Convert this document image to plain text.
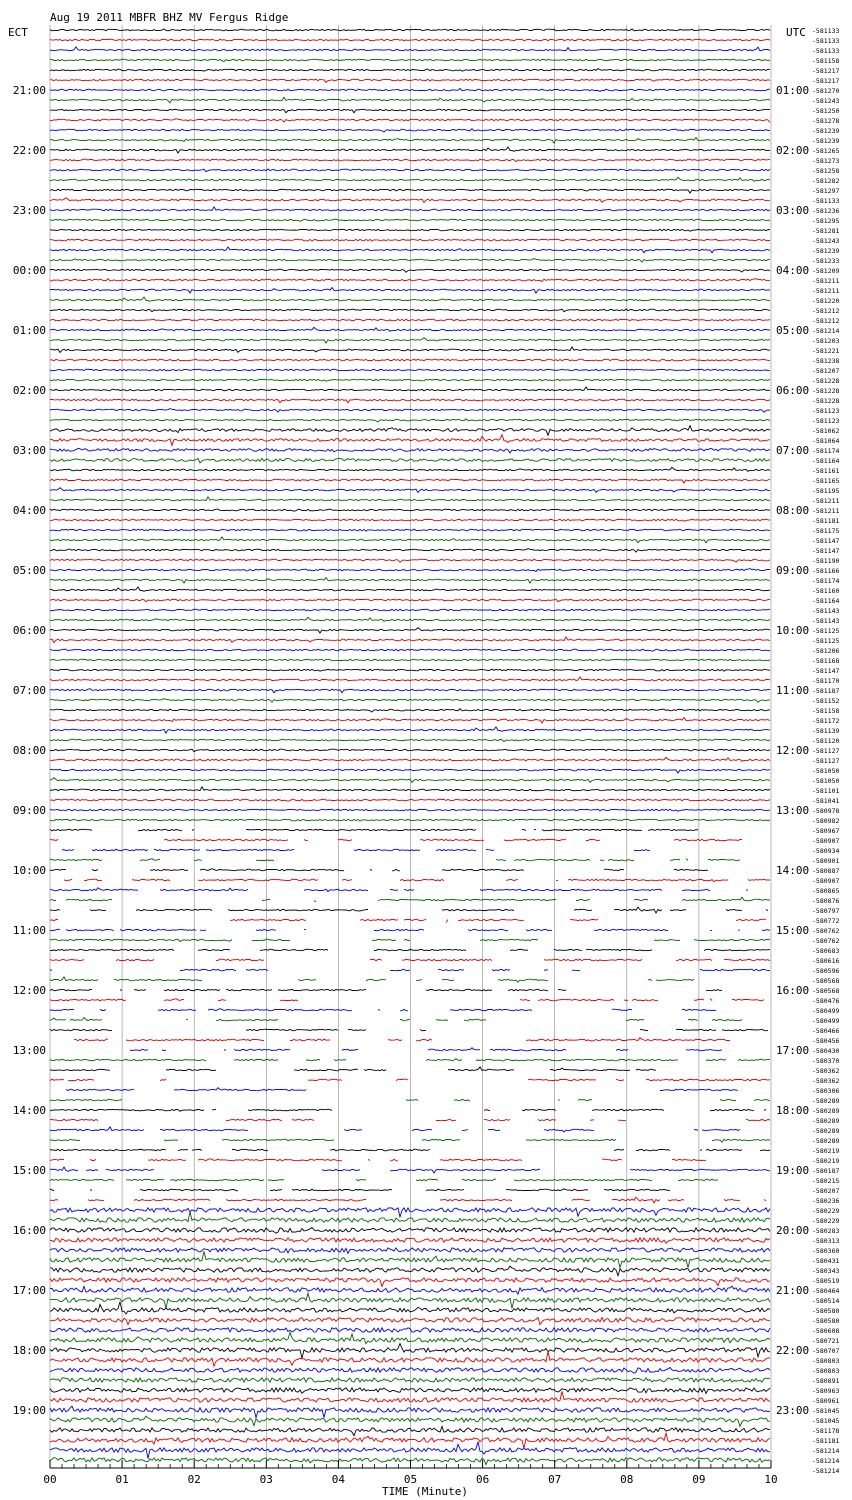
Aug 19 2011 MBFR BHZ MV Fergus Ridge
ECT	UTC
21:00
22:00
23:00
00:00
01:00
02:00
03:00
04:00
05:00
06:00
07:00
08:00
09:00
10:00
11:00
12:00
13:00
14:00
15:00
16:00
17:00
18:00
19:00
01:00
02:00
03:00
04:00
05:00
06:00
07:00
08:00
09:00
10:00
11:00
12:00
13:00
14:00
15:00
16:00
17:00
18:00
19:00
20:00
21:00
22:00
23:00
-581133
-581133
-581133
-581158
-581217
-581217
-581270
-581243
-581250
-581278
-581239
-581239
-581265
-581273
-581258
-581282
-581297
-581133
-581236
-581295
-581281
-581243
-581239
-581233
-581209
-581211
-581211
-581220
-581212
-581212
-581214
-581203
-581221
-581238
-581207
-581228
-581228
-581228
-581123
-581123
-581062
-581064
-581174
-581164
-581161
-581165
-581195
-581211
-581211
-581181
-581175
-581147
-581147
-581190
-581166
-581174
-581160
-581164
-581143
-581143
-581125
-581125
-581206
-581168
-581147
-581170
-581187
-581152
-581158
-581172
-581139
-581120
-581127
-581127
-581050
-581050
-581101
-581041
-580978
-580982
-580967
-580907
-580934
-580901
-580887
-580907
-580865
-580876
-580797
-580772
-580762
-580762
-580683
-580616
-580596
-580568
-580568
-580476
-580499
-580499
-580466
-580456
-580430
-580370
-580362
-580362
-580306
-580289
-580289
-580289
-580289
-580289
-580219
-580219
-580187
-580215
-580207
-580236
-580229
-580229
-580283
-580313
-580360
-580431
-580343
-580519
-580464
-580514
-580580
-580580
-580608
-580721
-580707
-580803
-580803
-580891
-580963
-580961
-581045
-581045
-581178
-581181
-581214
-581214
-581214
00	01	02	03	04	05	06	07	08	09	10
TIME (Minute)
